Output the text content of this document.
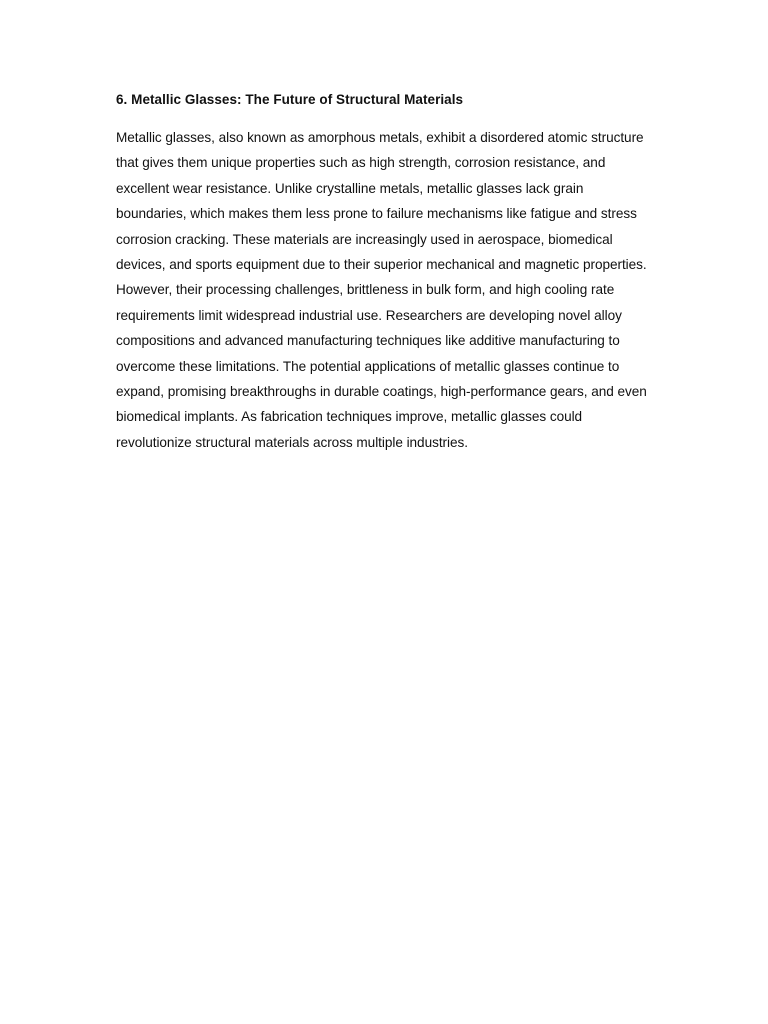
6. Metallic Glasses: The Future of Structural Materials

Metallic glasses, also known as amorphous metals, exhibit a disordered atomic structure that gives them unique properties such as high strength, corrosion resistance, and excellent wear resistance. Unlike crystalline metals, metallic glasses lack grain boundaries, which makes them less prone to failure mechanisms like fatigue and stress corrosion cracking. These materials are increasingly used in aerospace, biomedical devices, and sports equipment due to their superior mechanical and magnetic properties. However, their processing challenges, brittleness in bulk form, and high cooling rate requirements limit widespread industrial use. Researchers are developing novel alloy compositions and advanced manufacturing techniques like additive manufacturing to overcome these limitations. The potential applications of metallic glasses continue to expand, promising breakthroughs in durable coatings, high-performance gears, and even biomedical implants. As fabrication techniques improve, metallic glasses could revolutionize structural materials across multiple industries.
